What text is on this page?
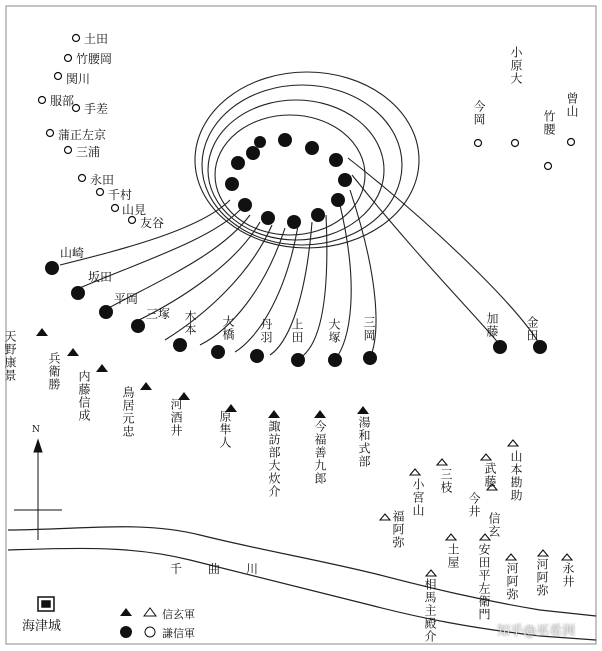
土田
竹腰岡
関川
服部
手差
蒲正左京
三浦
永田
千村
山見
友谷
山崎
坂田
平岡
三塚 木本 大橋 丹羽 上田 大塚 三岡	加藤 金田
曾山
竹腰
小原大
今岡
天野康景	兵衛勝 内藤信成	鳥居元忠	河酒井	原隼人	諏訪部大炊介	今福善九郎	湯和式部
山本勘助
武藤
三枝
今井
信玄
小宮山
土屋 安田平左衛門 河阿弥
福阿弥
永井
河阿弥
相馬主殿介
千曲川
N
海津城
信玄軍
謙信軍	知乎@巫希洲
